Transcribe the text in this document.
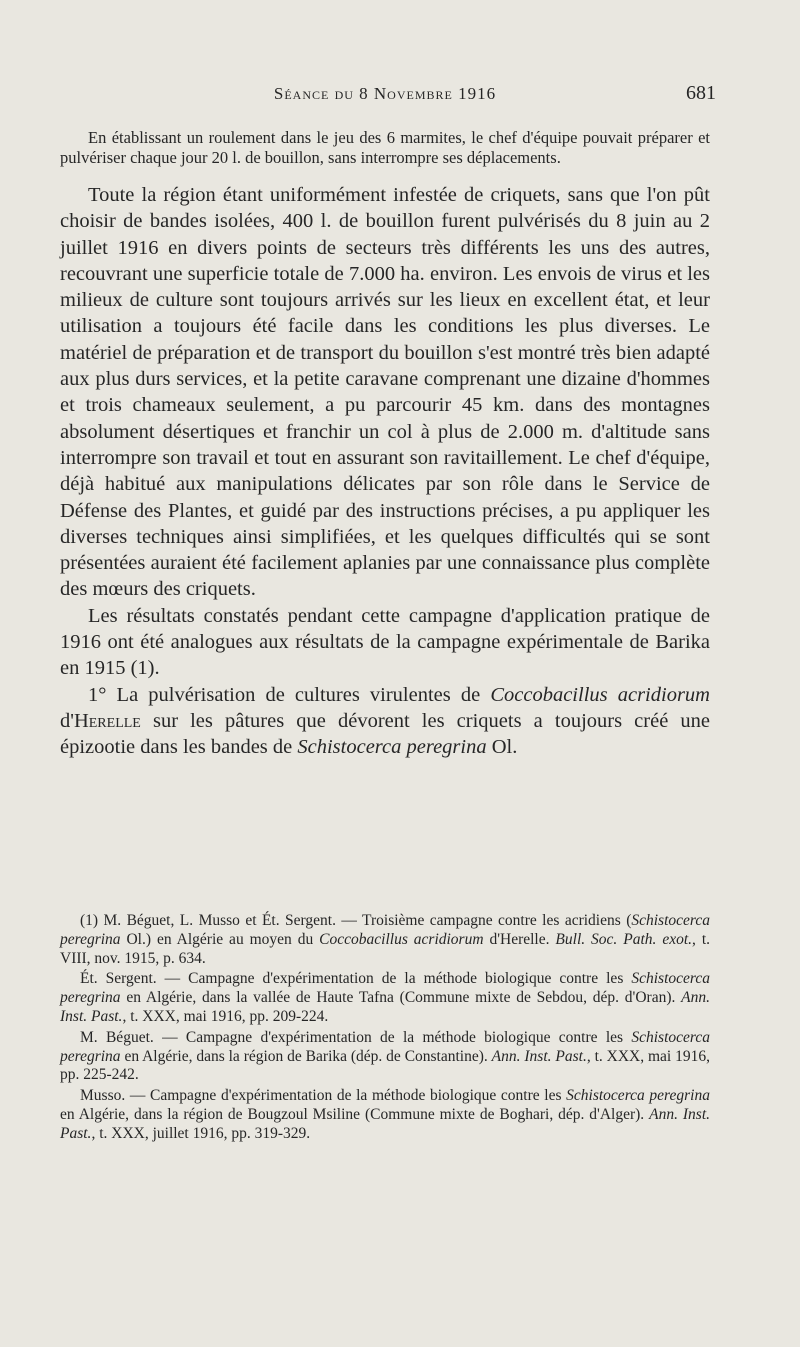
Séance du 8 Novembre 1916	681

En établissant un roulement dans le jeu des 6 marmites, le chef d'équipe pouvait préparer et pulvériser chaque jour 20 l. de bouillon, sans interrompre ses déplacements.

Toute la région étant uniformément infestée de criquets, sans que l'on pût choisir de bandes isolées, 400 l. de bouillon furent pulvérisés du 8 juin au 2 juillet 1916 en divers points de secteurs très différents les uns des autres, recouvrant une superficie totale de 7.000 ha. environ. Les envois de virus et les milieux de culture sont toujours arrivés sur les lieux en excellent état, et leur utilisation a toujours été facile dans les conditions les plus diverses. Le matériel de préparation et de transport du bouillon s'est montré très bien adapté aux plus durs services, et la petite caravane comprenant une dizaine d'hommes et trois chameaux seulement, a pu parcourir 45 km. dans des montagnes absolument désertiques et franchir un col à plus de 2.000 m. d'altitude sans interrompre son travail et tout en assurant son ravitaillement. Le chef d'équipe, déjà habitué aux manipulations délicates par son rôle dans le Service de Défense des Plantes, et guidé par des instructions précises, a pu appliquer les diverses techniques ainsi simplifiées, et les quelques difficultés qui se sont présentées auraient été facilement aplanies par une connaissance plus complète des mœurs des criquets.

Les résultats constatés pendant cette campagne d'application pratique de 1916 ont été analogues aux résultats de la campagne expérimentale de Barika en 1915 (1).

1° La pulvérisation de cultures virulentes de Coccobacillus acridiorum d'Herelle sur les pâtures que dévorent les criquets a toujours créé une épizootie dans les bandes de Schistocerca peregrina Ol.

(1) M. Béguet, L. Musso et Ét. Sergent. — Troisième campagne contre les acridiens (Schistocerca peregrina Ol.) en Algérie au moyen du Coccobacillus acridiorum d'Herelle. Bull. Soc. Path. exot., t. VIII, nov. 1915, p. 634.

Ét. Sergent. — Campagne d'expérimentation de la méthode biologique contre les Schistocerca peregrina en Algérie, dans la vallée de Haute Tafna (Commune mixte de Sebdou, dép. d'Oran). Ann. Inst. Past., t. XXX, mai 1916, pp. 209-224.

M. Béguet. — Campagne d'expérimentation de la méthode biologique contre les Schistocerca peregrina en Algérie, dans la région de Barika (dép. de Constantine). Ann. Inst. Past., t. XXX, mai 1916, pp. 225-242.

Musso. — Campagne d'expérimentation de la méthode biologique contre les Schistocerca peregrina en Algérie, dans la région de Bougzoul Msiline (Commune mixte de Boghari, dép. d'Alger). Ann. Inst. Past., t. XXX, juillet 1916, pp. 319-329.
